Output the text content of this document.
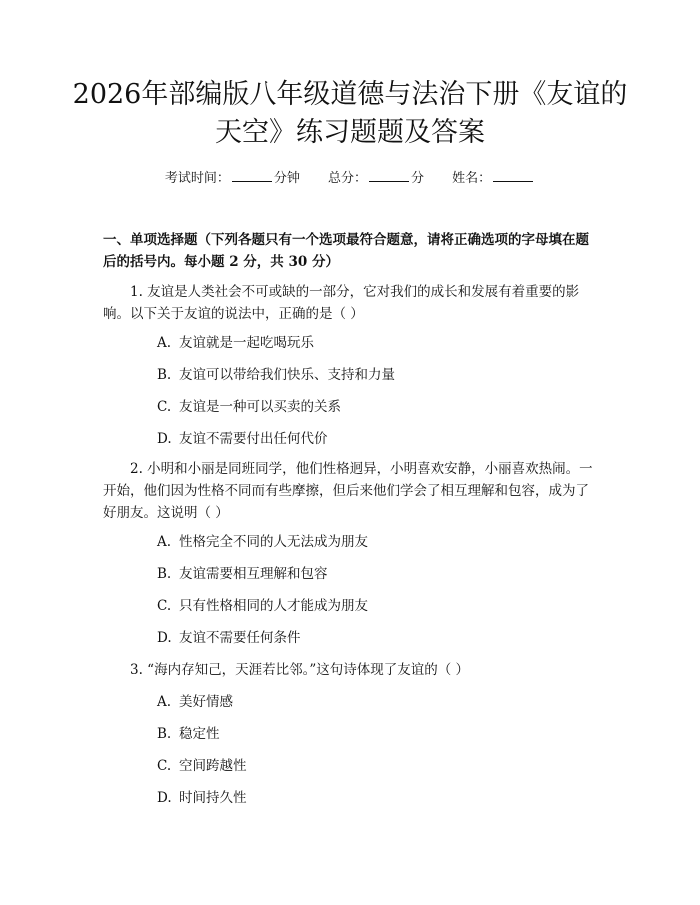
2026年部编版八年级道德与法治下册《友谊的天空》练习题题及答案
考试时间：	分钟 总分：	分 姓名：

一、单项选择题（下列各题只有一个选项最符合题意，请将正确选项的字母填在题后的括号内。每小题 2 分，共 30 分）

1. 友谊是人类社会不可或缺的一部分，它对我们的成长和发展有着重要的影响。以下关于友谊的说法中，正确的是（ ）

A. 友谊就是一起吃喝玩乐
B. 友谊可以带给我们快乐、支持和力量
C. 友谊是一种可以买卖的关系
D. 友谊不需要付出任何代价

2. 小明和小丽是同班同学，他们性格迥异，小明喜欢安静，小丽喜欢热闹。一开始，他们因为性格不同而有些摩擦，但后来他们学会了相互理解和包容，成为了好朋友。这说明（ ）

A. 性格完全不同的人无法成为朋友
B. 友谊需要相互理解和包容
C. 只有性格相同的人才能成为朋友
D. 友谊不需要任何条件

3. “海内存知己，天涯若比邻。”这句诗体现了友谊的（ ）

A. 美好情感
B. 稳定性
C. 空间跨越性
D. 时间持久性
